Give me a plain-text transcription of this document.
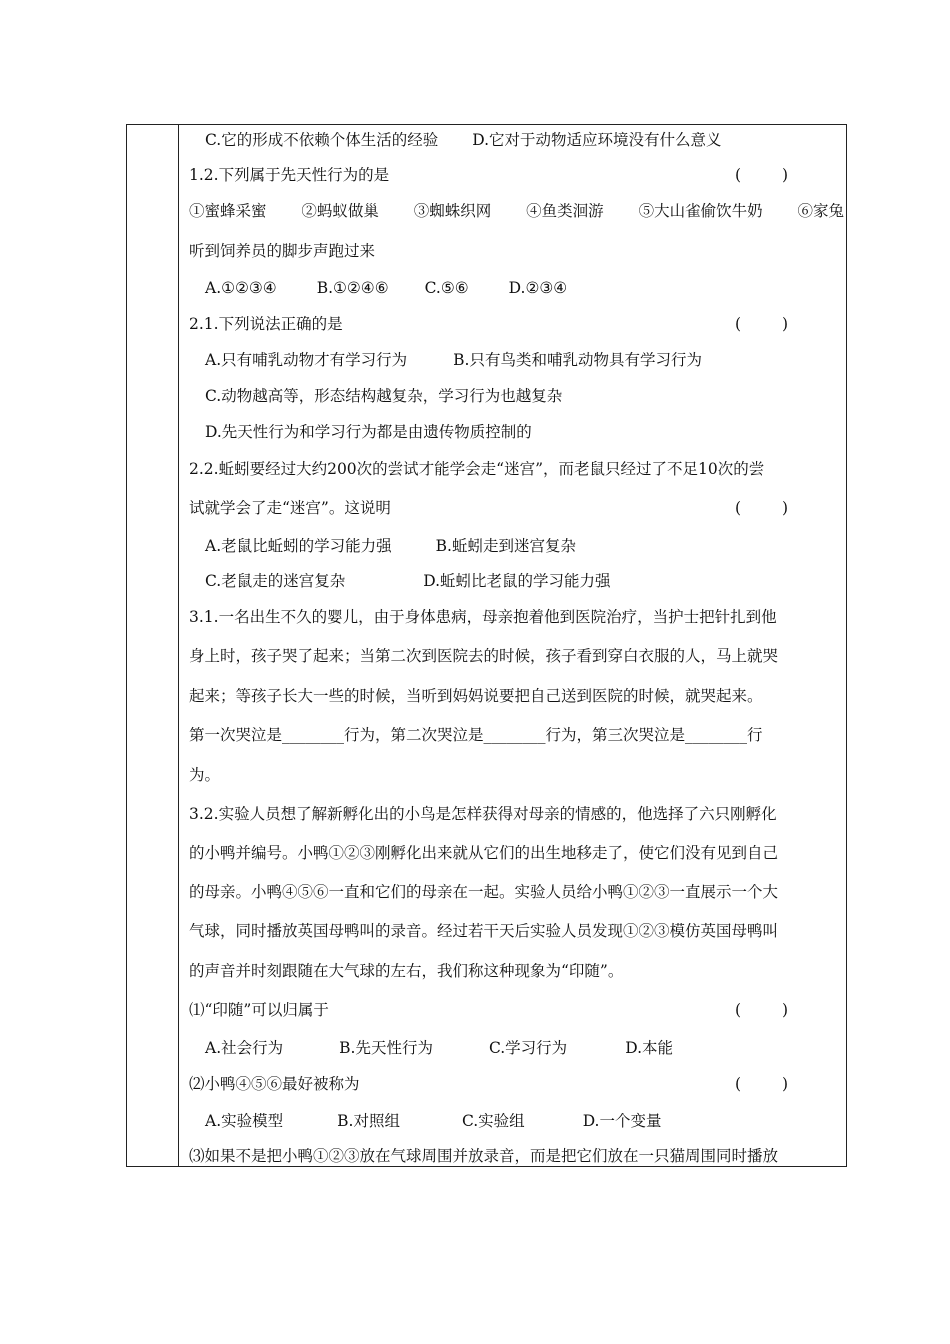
C.它的形成不依赖个体生活的经验 D.它对于动物适应环境没有什么意义
1.2.下列属于先天性行为的是	( )
①蜜蜂采蜜 ②蚂蚁做巢 ③蜘蛛织网 ④鱼类洄游 ⑤大山雀偷饮牛奶 ⑥家兔
听到饲养员的脚步声跑过来
A.①②③④	B.①②④⑥ C.⑤⑥	D.②③④
2.1.下列说法正确的是	( )
A.只有哺乳动物才有学习行为	B.只有鸟类和哺乳动物具有学习行为
C.动物越高等，形态结构越复杂，学习行为也越复杂
D.先天性行为和学习行为都是由遗传物质控制的
2.2.蚯蚓要经过大约200次的尝试才能学会走“迷宫”，而老鼠只经过了不足10次的尝
试就学会了走“迷宫”。这说明	( )
A.老鼠比蚯蚓的学习能力强	B.蚯蚓走到迷宫复杂
C.老鼠走的迷宫复杂	D.蚯蚓比老鼠的学习能力强
3.1.一名出生不久的婴儿，由于身体患病，母亲抱着他到医院治疗，当护士把针扎到他
身上时，孩子哭了起来；当第二次到医院去的时候，孩子看到穿白衣服的人，马上就哭
起来；等孩子长大一些的时候，当听到妈妈说要把自己送到医院的时候，就哭起来。
第一次哭泣是________行为，第二次哭泣是________行为，第三次哭泣是________行
为。
3.2.实验人员想了解新孵化出的小鸟是怎样获得对母亲的情感的，他选择了六只刚孵化
的小鸭并编号。小鸭①②③刚孵化出来就从它们的出生地移走了，使它们没有见到自己
的母亲。小鸭④⑤⑥一直和它们的母亲在一起。实验人员给小鸭①②③一直展示一个大
气球，同时播放英国母鸭叫的录音。经过若干天后实验人员发现①②③模仿英国母鸭叫
的声音并时刻跟随在大气球的左右，我们称这种现象为“印随”。
⑴“印随”可以归属于	( )
A.社会行为	B.先天性行为	C.学习行为	D.本能
⑵小鸭④⑤⑥最好被称为	( )
A.实验模型	B.对照组	C.实验组	D.一个变量
⑶如果不是把小鸭①②③放在气球周围并放录音，而是把它们放在一只猫周围同时播放
